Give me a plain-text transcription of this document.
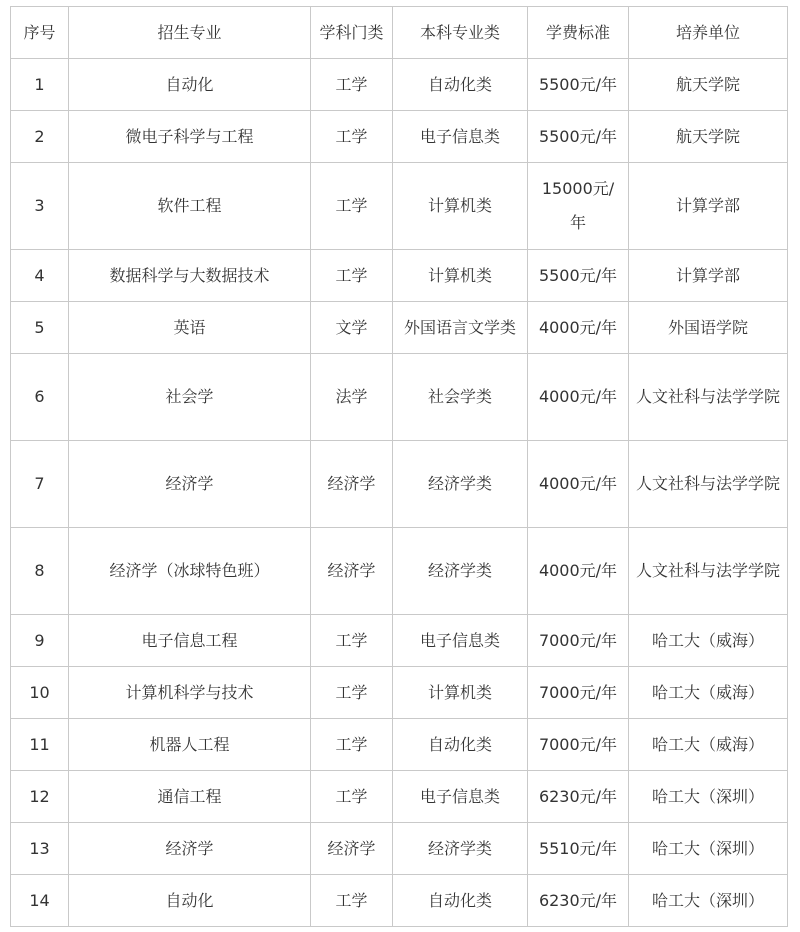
序号	招生专业	学科门类	本科专业类	学费标准	培养单位
1	自动化	工学	自动化类	5500元/年	航天学院
2	微电子科学与工程	工学	电子信息类	5500元/年	航天学院
3	软件工程	工学	计算机类	15000元/年	计算学部
4	数据科学与大数据技术	工学	计算机类	5500元/年	计算学部
5	英语	文学	外国语言文学类	4000元/年	外国语学院
6	社会学	法学	社会学类	4000元/年	人文社科与法学学院
7	经济学	经济学	经济学类	4000元/年	人文社科与法学学院
8	经济学（冰球特色班）	经济学	经济学类	4000元/年	人文社科与法学学院
9	电子信息工程	工学	电子信息类	7000元/年	哈工大（威海）
10	计算机科学与技术	工学	计算机类	7000元/年	哈工大（威海）
11	机器人工程	工学	自动化类	7000元/年	哈工大（威海）
12	通信工程	工学	电子信息类	6230元/年	哈工大（深圳）
13	经济学	经济学	经济学类	5510元/年	哈工大（深圳）
14	自动化	工学	自动化类	6230元/年	哈工大（深圳）
